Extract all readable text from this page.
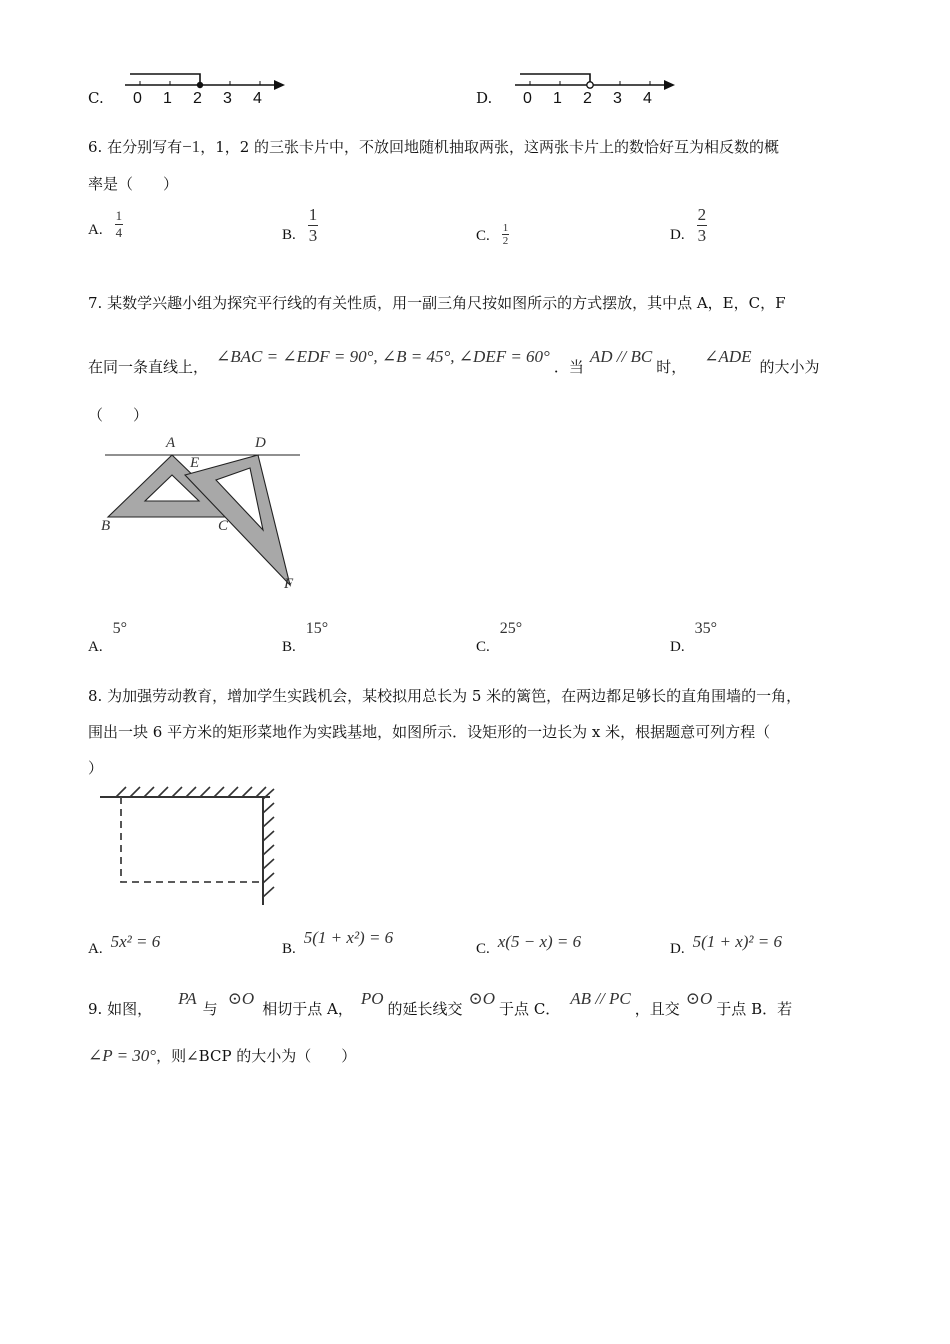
C.	D.
0 1 2 3 4	0 1 2 3 4
6. 在分别写有−1，1，2 的三张卡片中，不放回地随机抽取两张，这两张卡片上的数恰好互为相反数的概
率是（　　）
A. $\frac{1}{4}$	B. $\frac{1}{3}$	C. $\frac{1}{2}$	D. $\frac{2}{3}$
7. 某数学兴趣小组为探究平行线的有关性质，用一副三角尺按如图所示的方式摆放，其中点 A，E，C，F
在同一条直线上，
∠BAC = ∠EDF = 90°, ∠B = 45°, ∠DEF = 60°
．当
AD // BC
时，
∠ADE
的大小为
（　　）
A	D
E
B	C
F
A.
5°
B.
15°
C.
25°
D.
35°
8. 为加强劳动教育，增加学生实践机会，某校拟用总长为 5 米的篱笆，在两边都足够长的直角围墙的一角，
围出一块 6 平方米的矩形菜地作为实践基地，如图所示．设矩形的一边长为 x 米，根据题意可列方程（
）
A. 5x² = 6	B.
5(1 + x²) = 6
C. x(5 − x) = 6	D. 5(1 + x)² = 6
9. 如图，
PA
与
⊙O
相切于点 A，
PO
的延长线交
⊙O
于点 C．
AB // PC
，且交
⊙O
于点 B．若
∠P = 30° ，则∠BCP 的大小为（　　）
